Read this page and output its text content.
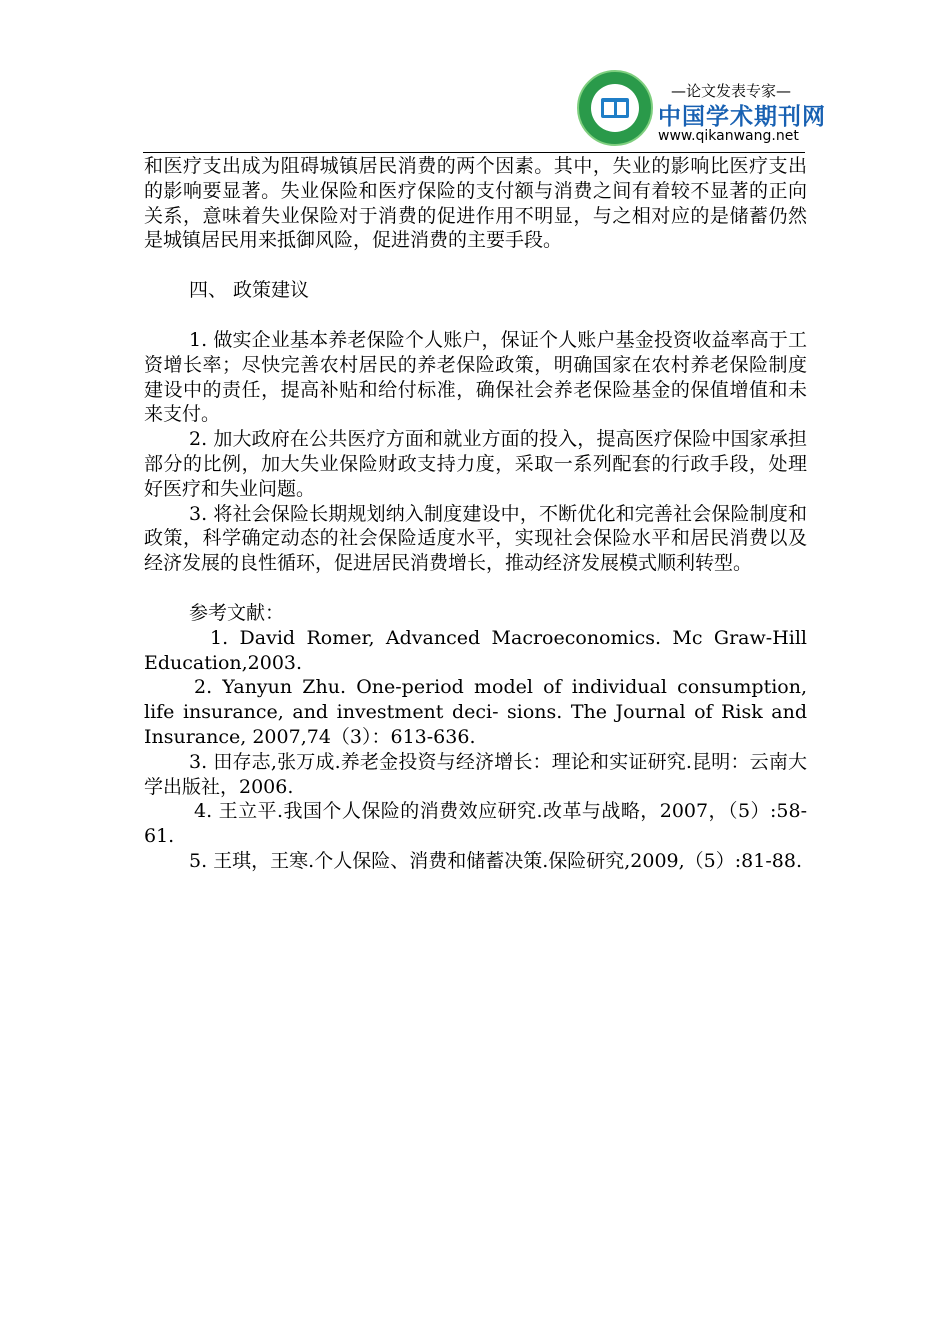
—论文发表专家—
中国学术期刊网
www.qikanwang.net

和医疗支出成为阻碍城镇居民消费的两个因素。其中，失业的影响比医疗支出的影响要显著。失业保险和医疗保险的支付额与消费之间有着较不显著的正向关系，意味着失业保险对于消费的促进作用不明显，与之相对应的是储蓄仍然是城镇居民用来抵御风险，促进消费的主要手段。

四、 政策建议

1. 做实企业基本养老保险个人账户，保证个人账户基金投资收益率高于工资增长率；尽快完善农村居民的养老保险政策，明确国家在农村养老保险制度建设中的责任，提高补贴和给付标准，确保社会养老保险基金的保值增值和未来支付。

2. 加大政府在公共医疗方面和就业方面的投入，提高医疗保险中国家承担部分的比例，加大失业保险财政支持力度，采取一系列配套的行政手段，处理好医疗和失业问题。

3. 将社会保险长期规划纳入制度建设中，不断优化和完善社会保险制度和政策，科学确定动态的社会保险适度水平，实现社会保险水平和居民消费以及经济发展的良性循环，促进居民消费增长，推动经济发展模式顺利转型。

参考文献：

1. David Romer, Advanced Macroeconomics. Mc Graw-Hill Education,2003.

2. Yanyun Zhu. One-period model of individual consumption, life insurance, and investment deci- sions. The Journal of Risk and Insurance, 2007,74（3）：613-636.

3. 田存志,张万成.养老金投资与经济增长：理论和实证研究.昆明：云南大学出版社，2006.

4. 王立平.我国个人保险的消费效应研究.改革与战略，2007，（5）:58-61.

5. 王琪，王寒.个人保险、消费和储蓄决策.保险研究,2009,（5）:81-88.
